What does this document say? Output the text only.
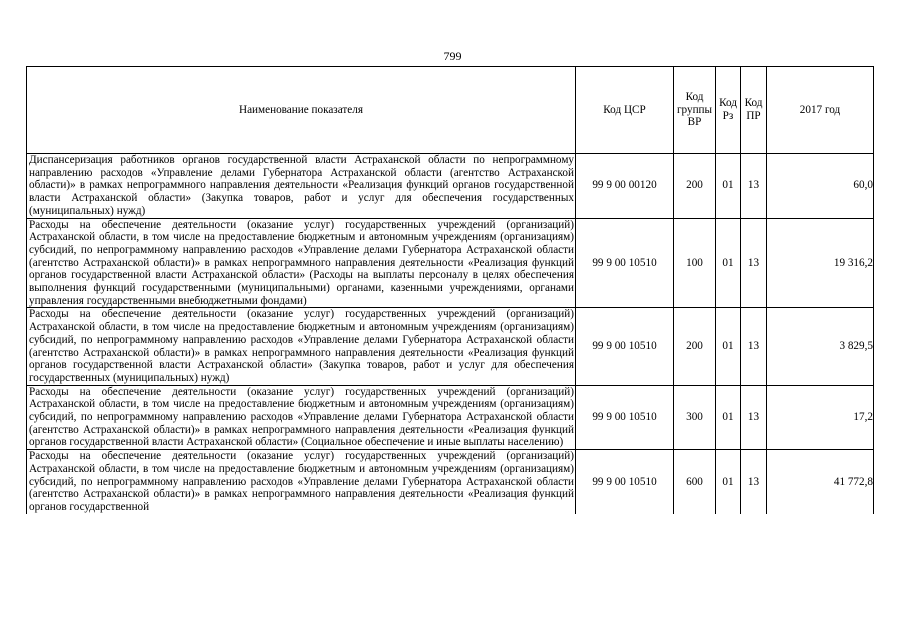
799
Наименование показателя	Код ЦСР	Код группы ВР	Код Рз	Код ПР	2017 год
Диспансеризация работников органов государственной власти Астраханской области по непрограммному направлению расходов «Управление делами Губернатора Астраханской области (агентство Астраханской области)» в рамках непрограммного направления деятельности «Реализация функций органов государственной власти Астраханской области» (Закупка товаров, работ и услуг для обеспечения государственных (муниципальных) нужд)	99 9 00 00120	200	01	13	60,0
Расходы на обеспечение деятельности (оказание услуг) государственных учреждений (организаций) Астраханской области, в том числе на предоставление бюджетным и автономным учреждениям (организациям) субсидий, по непрограммному направлению расходов «Управление делами Губернатора Астраханской области (агентство Астраханской области)» в рамках непрограммного направления деятельности «Реализация функций органов государственной власти Астраханской области» (Расходы на выплаты персоналу в целях обеспечения выполнения функций государственными (муниципальными) органами, казенными учреждениями, органами управления государственными внебюджетными фондами)	99 9 00 10510	100	01	13	19 316,2
Расходы на обеспечение деятельности (оказание услуг) государственных учреждений (организаций) Астраханской области, в том числе на предоставление бюджетным и автономным учреждениям (организациям) субсидий, по непрограммному направлению расходов «Управление делами Губернатора Астраханской области (агентство Астраханской области)» в рамках непрограммного направления деятельности «Реализация функций органов государственной власти Астраханской области» (Закупка товаров, работ и услуг для обеспечения государственных (муниципальных) нужд)	99 9 00 10510	200	01	13	3 829,5
Расходы на обеспечение деятельности (оказание услуг) государственных учреждений (организаций) Астраханской области, в том числе на предоставление бюджетным и автономным учреждениям (организациям) субсидий, по непрограммному направлению расходов «Управление делами Губернатора Астраханской области (агентство Астраханской области)» в рамках непрограммного направления деятельности «Реализация функций органов государственной власти Астраханской области» (Социальное обеспечение и иные выплаты населению)	99 9 00 10510	300	01	13	17,2
Расходы на обеспечение деятельности (оказание услуг) государственных учреждений (организаций) Астраханской области, в том числе на предоставление бюджетным и автономным учреждениям (организациям) субсидий, по непрограммному направлению расходов «Управление делами Губернатора Астраханской области (агентство Астраханской области)» в рамках непрограммного направления деятельности «Реализация функций органов государственной	99 9 00 10510	600	01	13	41 772,8
